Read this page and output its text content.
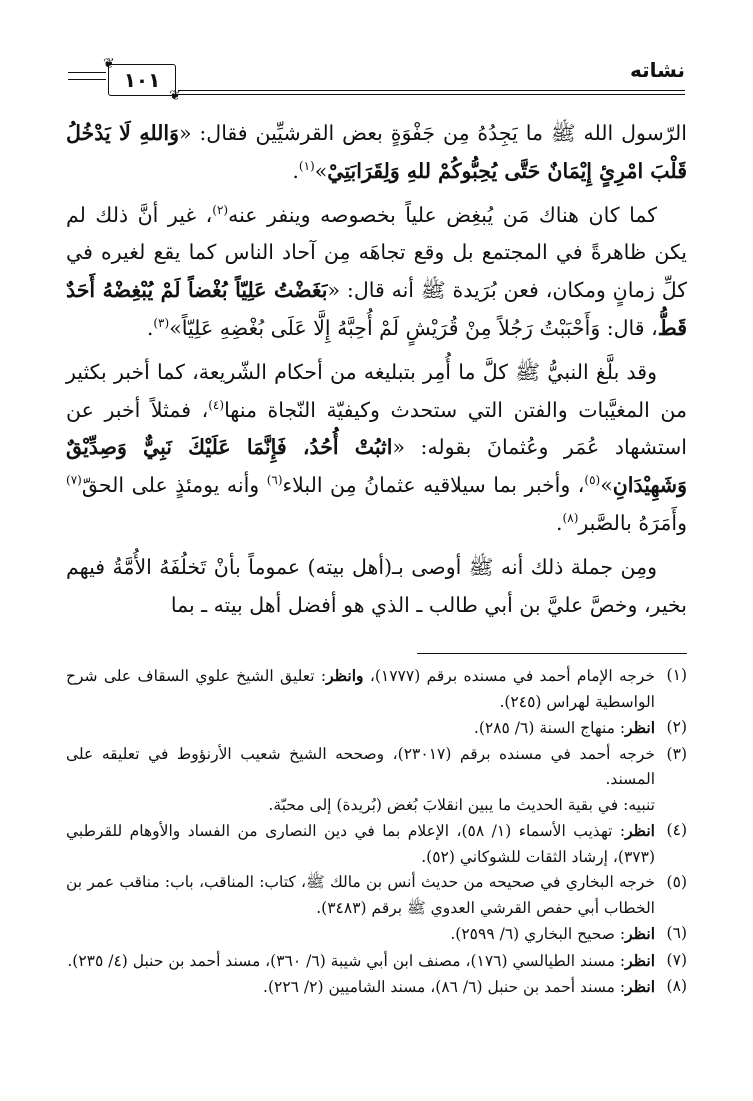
نشاته
❦
١٠١
❦

الرّسول الله ﷺ ما يَجِدُهُ مِن جَفْوَةٍ بعض القرشيِّين فقال: «وَاللهِ لَا يَدْخُلُ قَلْبَ امْرِئٍ إِيْمَانٌ حَتَّى يُحِبُّوكُمْ للهِ وَلِقَرَابَتِيْ»$^{(١)}$.

كما كان هناك مَن يُبغِض علياً بخصوصه وينفر عنه$^{(٢)}$، غير أنَّ ذلك لم يكن ظاهرةً في المجتمع بل وقع تجاهَه مِن آحاد الناس كما يقع لغيره في كلِّ زمانٍ ومكان، فعن بُرَيدة ﷺ أنه قال: «بَغَضْتُ عَلِيّاً بُغْضاً لَمْ يُبْغِضْهُ أَحَدٌ قَطُّ، قال: وَأَحْبَبْتُ رَجُلاً مِنْ قُرَيْشٍ لَمْ أُحِبَّهُ إِلَّا عَلَى بُغْضِهِ عَلِيّاً»$^{(٣)}$.

وقد بلَّغ النبيُّ ﷺ كلَّ ما أُمِر بتبليغه من أحكام الشّريعة، كما أخبر بكثير من المغيَّبات والفتن التي ستحدث وكيفيّة النّجاة منها$^{(٤)}$، فمثلاً أخبر عن استشهاد عُمَر وعُثمانَ بقوله: «اثبُتْ أُحُدُ، فَإِنَّمَا عَلَيْكَ نَبِيٌّ وَصِدِّيْقٌ وَشَهِيْدَانِ»$^{(٥)}$، وأخبر بما سيلاقيه عثمانُ مِن البلاء$^{(٦)}$ وأنه يومئذٍ على الحقّ$^{(٧)}$ وأَمَرَهُ بالصَّبر$^{(٨)}$.

ومِن جملة ذلك أنه ﷺ أوصى بـ(أهل بيته) عموماً بأنْ تَخلُفَهُ الأُمَّةُ فيهم بخير، وخصَّ عليَّ بن أبي طالب ـ الذي هو أفضل أهل بيته ـ بما

(١)
خرجه الإمام أحمد في مسنده برقم (١٧٧٧)، وانظر: تعليق الشيخ علوي السقاف على شرح الواسطية لهراس (٢٤٥).
(٢)
انظر: منهاج السنة (٦/ ٢٨٥).
(٣)
خرجه أحمد في مسنده برقم (٢٣٠١٧)، وصححه الشيخ شعيب الأرنؤوط في تعليقه على المسند.
تنبيه: في بقية الحديث ما يبين انقلابَ بُغض (بُريدة) إلى محبّة.
(٤)
انظر: تهذيب الأسماء (١/ ٥٨)، الإعلام بما في دين النصارى من الفساد والأوهام للقرطبي (٣٧٣)، إرشاد الثقات للشوكاني (٥٢).
(٥)
خرجه البخاري في صحيحه من حديث أنس بن مالك ﷺ، كتاب: المناقب، باب: مناقب عمر بن الخطاب أبي حفص القرشي العدوي ﷺ برقم (٣٤٨٣).
(٦)
انظر: صحيح البخاري (٦/ ٢٥٩٩).
(٧)
انظر: مسند الطيالسي (١٧٦)، مصنف ابن أبي شيبة (٦/ ٣٦٠)، مسند أحمد بن حنبل (٤/ ٢٣٥).
(٨)
انظر: مسند أحمد بن حنبل (٦/ ٨٦)، مسند الشاميين (٢/ ٢٢٦).
